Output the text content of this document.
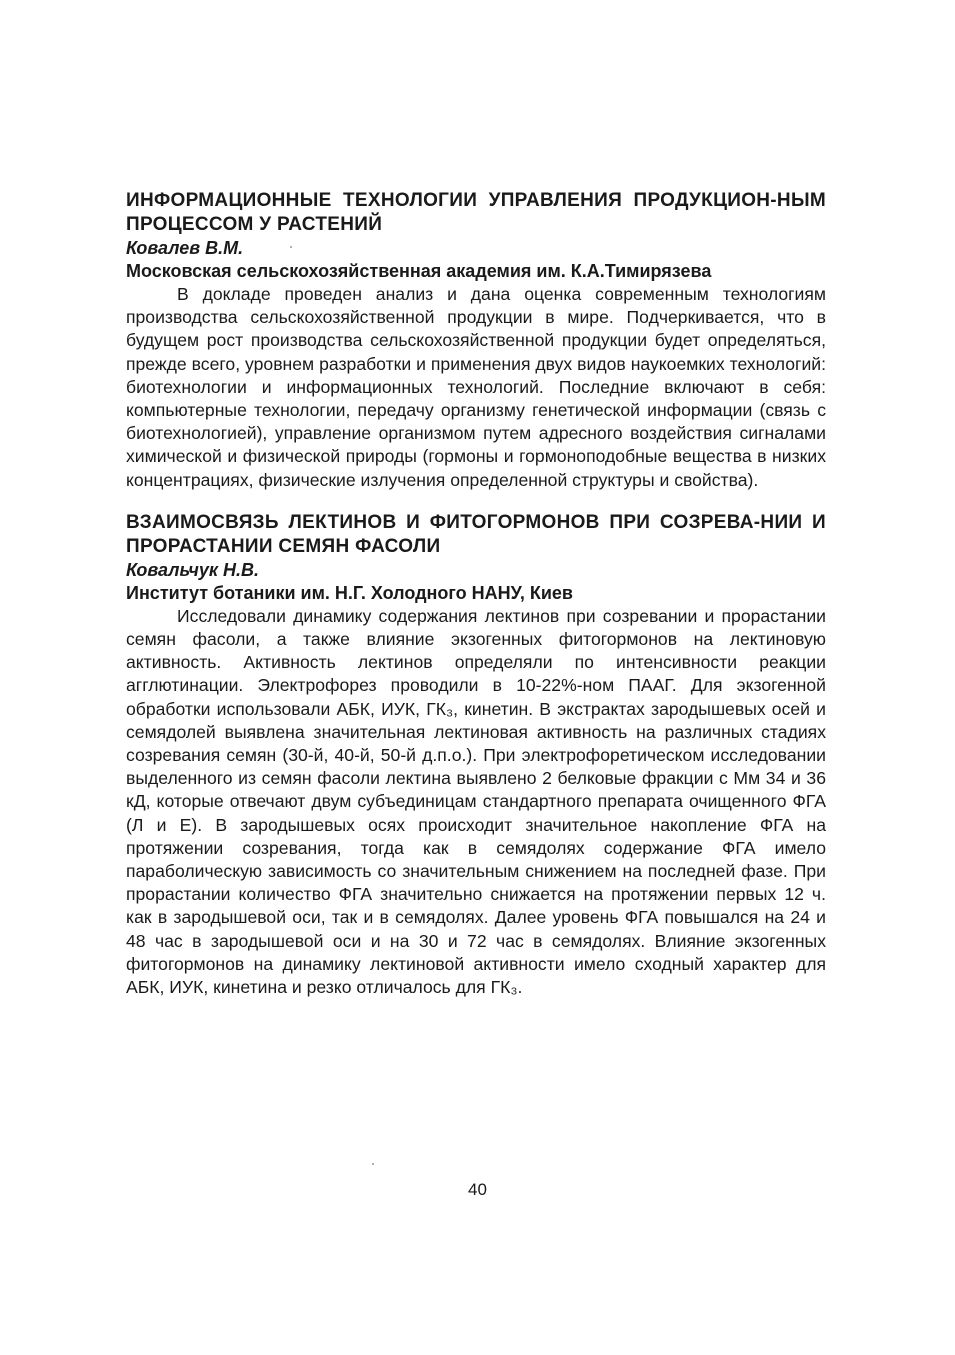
ИНФОРМАЦИОННЫЕ ТЕХНОЛОГИИ УПРАВЛЕНИЯ ПРОДУКЦИОН-НЫМ ПРОЦЕССОМ У РАСТЕНИЙ

Ковалев В.М.

Московская сельскохозяйственная академия им. К.А.Тимирязева

В докладе проведен анализ и дана оценка современным технологиям производства сельскохозяйственной продукции в мире. Подчеркивается, что в будущем рост производства сельскохозяйственной продукции будет определяться, прежде всего, уровнем разработки и применения двух видов наукоемких технологий: биотехнологии и информационных технологий. Последние включают в себя: компьютерные технологии, передачу организму генетической информации (связь с биотехнологией), управление организмом путем адресного воздействия сигналами химической и физической природы (гормоны и гормоноподобные вещества в низких концентрациях, физические излучения определенной структуры и свойства).

ВЗАИМОСВЯЗЬ ЛЕКТИНОВ И ФИТОГОРМОНОВ ПРИ СОЗРЕВА-НИИ И ПРОРАСТАНИИ СЕМЯН ФАСОЛИ

Ковальчук Н.В.

Институт ботаники им. Н.Г. Холодного НАНУ, Киев

Исследовали динамику содержания лектинов при созревании и прорастании семян фасоли, а также влияние экзогенных фитогормонов на лектиновую активность. Активность лектинов определяли по интенсивности реакции агглютинации. Электрофорез проводили в 10-22%-ном ПААГ. Для экзогенной обработки использовали АБК, ИУК, ГК₃, кинетин. В экстрактах зародышевых осей и семядолей выявлена значительная лектиновая активность на различных стадиях созревания семян (30-й, 40-й, 50-й д.п.о.). При электрофоретическом исследовании выделенного из семян фасоли лектина выявлено 2 белковые фракции с Мм 34 и 36 кД, которые отвечают двум субъединицам стандартного препарата очищенного ФГА (Л и Е). В зародышевых осях происходит значительное накопление ФГА на протяжении созревания, тогда как в семядолях содержание ФГА имело параболическую зависимость со значительным снижением на последней фазе. При прорастании количество ФГА значительно снижается на протяжении первых 12 ч. как в зародышевой оси, так и в семядолях. Далее уровень ФГА повышался на 24 и 48 час в зародышевой оси и на 30 и 72 час в семядолях. Влияние экзогенных фитогормонов на динамику лектиновой активности имело сходный характер для АБК, ИУК, кинетина и резко отличалось для ГК₃.

40
